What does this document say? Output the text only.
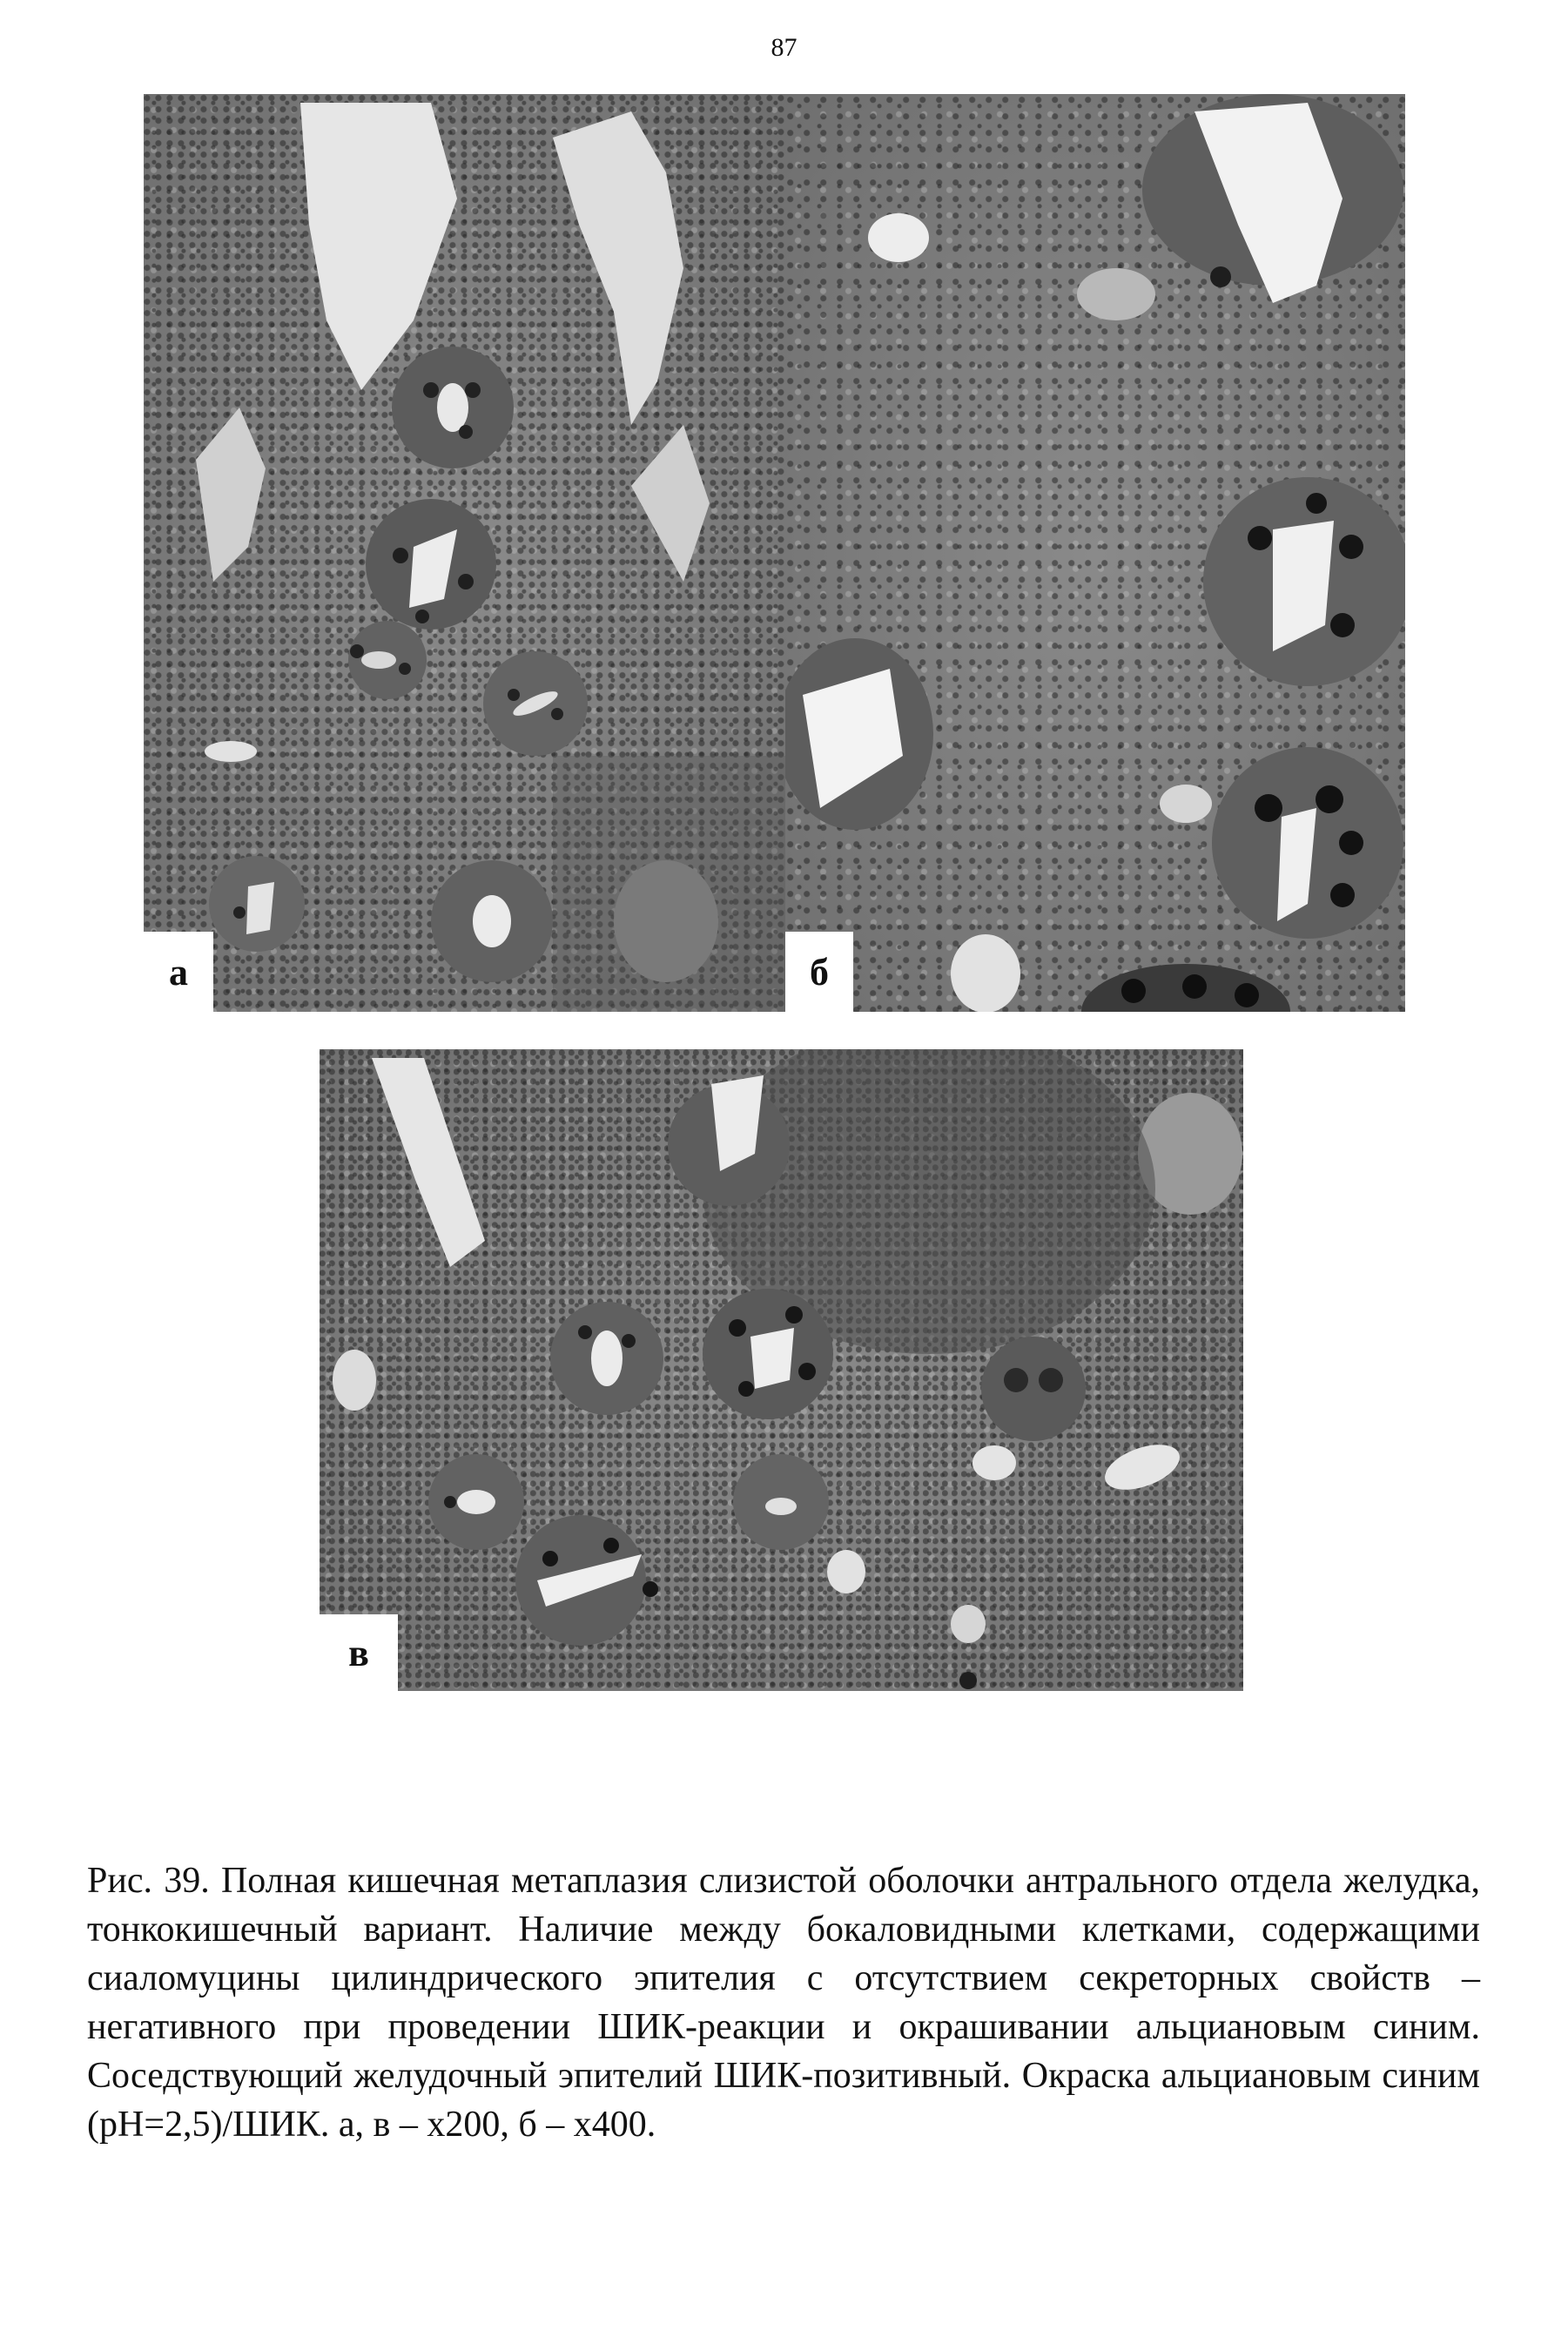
87
а	б
в

Рис. 39. Полная кишечная метаплазия слизистой оболочки антрального отдела желудка, тонкокишечный вариант. Наличие между бокаловидными клетками, содержащими сиаломуцины цилиндрического эпителия с отсутствием секреторных свойств – негативного при проведении ШИК-реакции и окрашивании альциановым синим. Соседствующий желудочный эпителий ШИК-позитивный. Окраска альциановым синим (рН=2,5)/ШИК. а, в – х200, б – х400.
